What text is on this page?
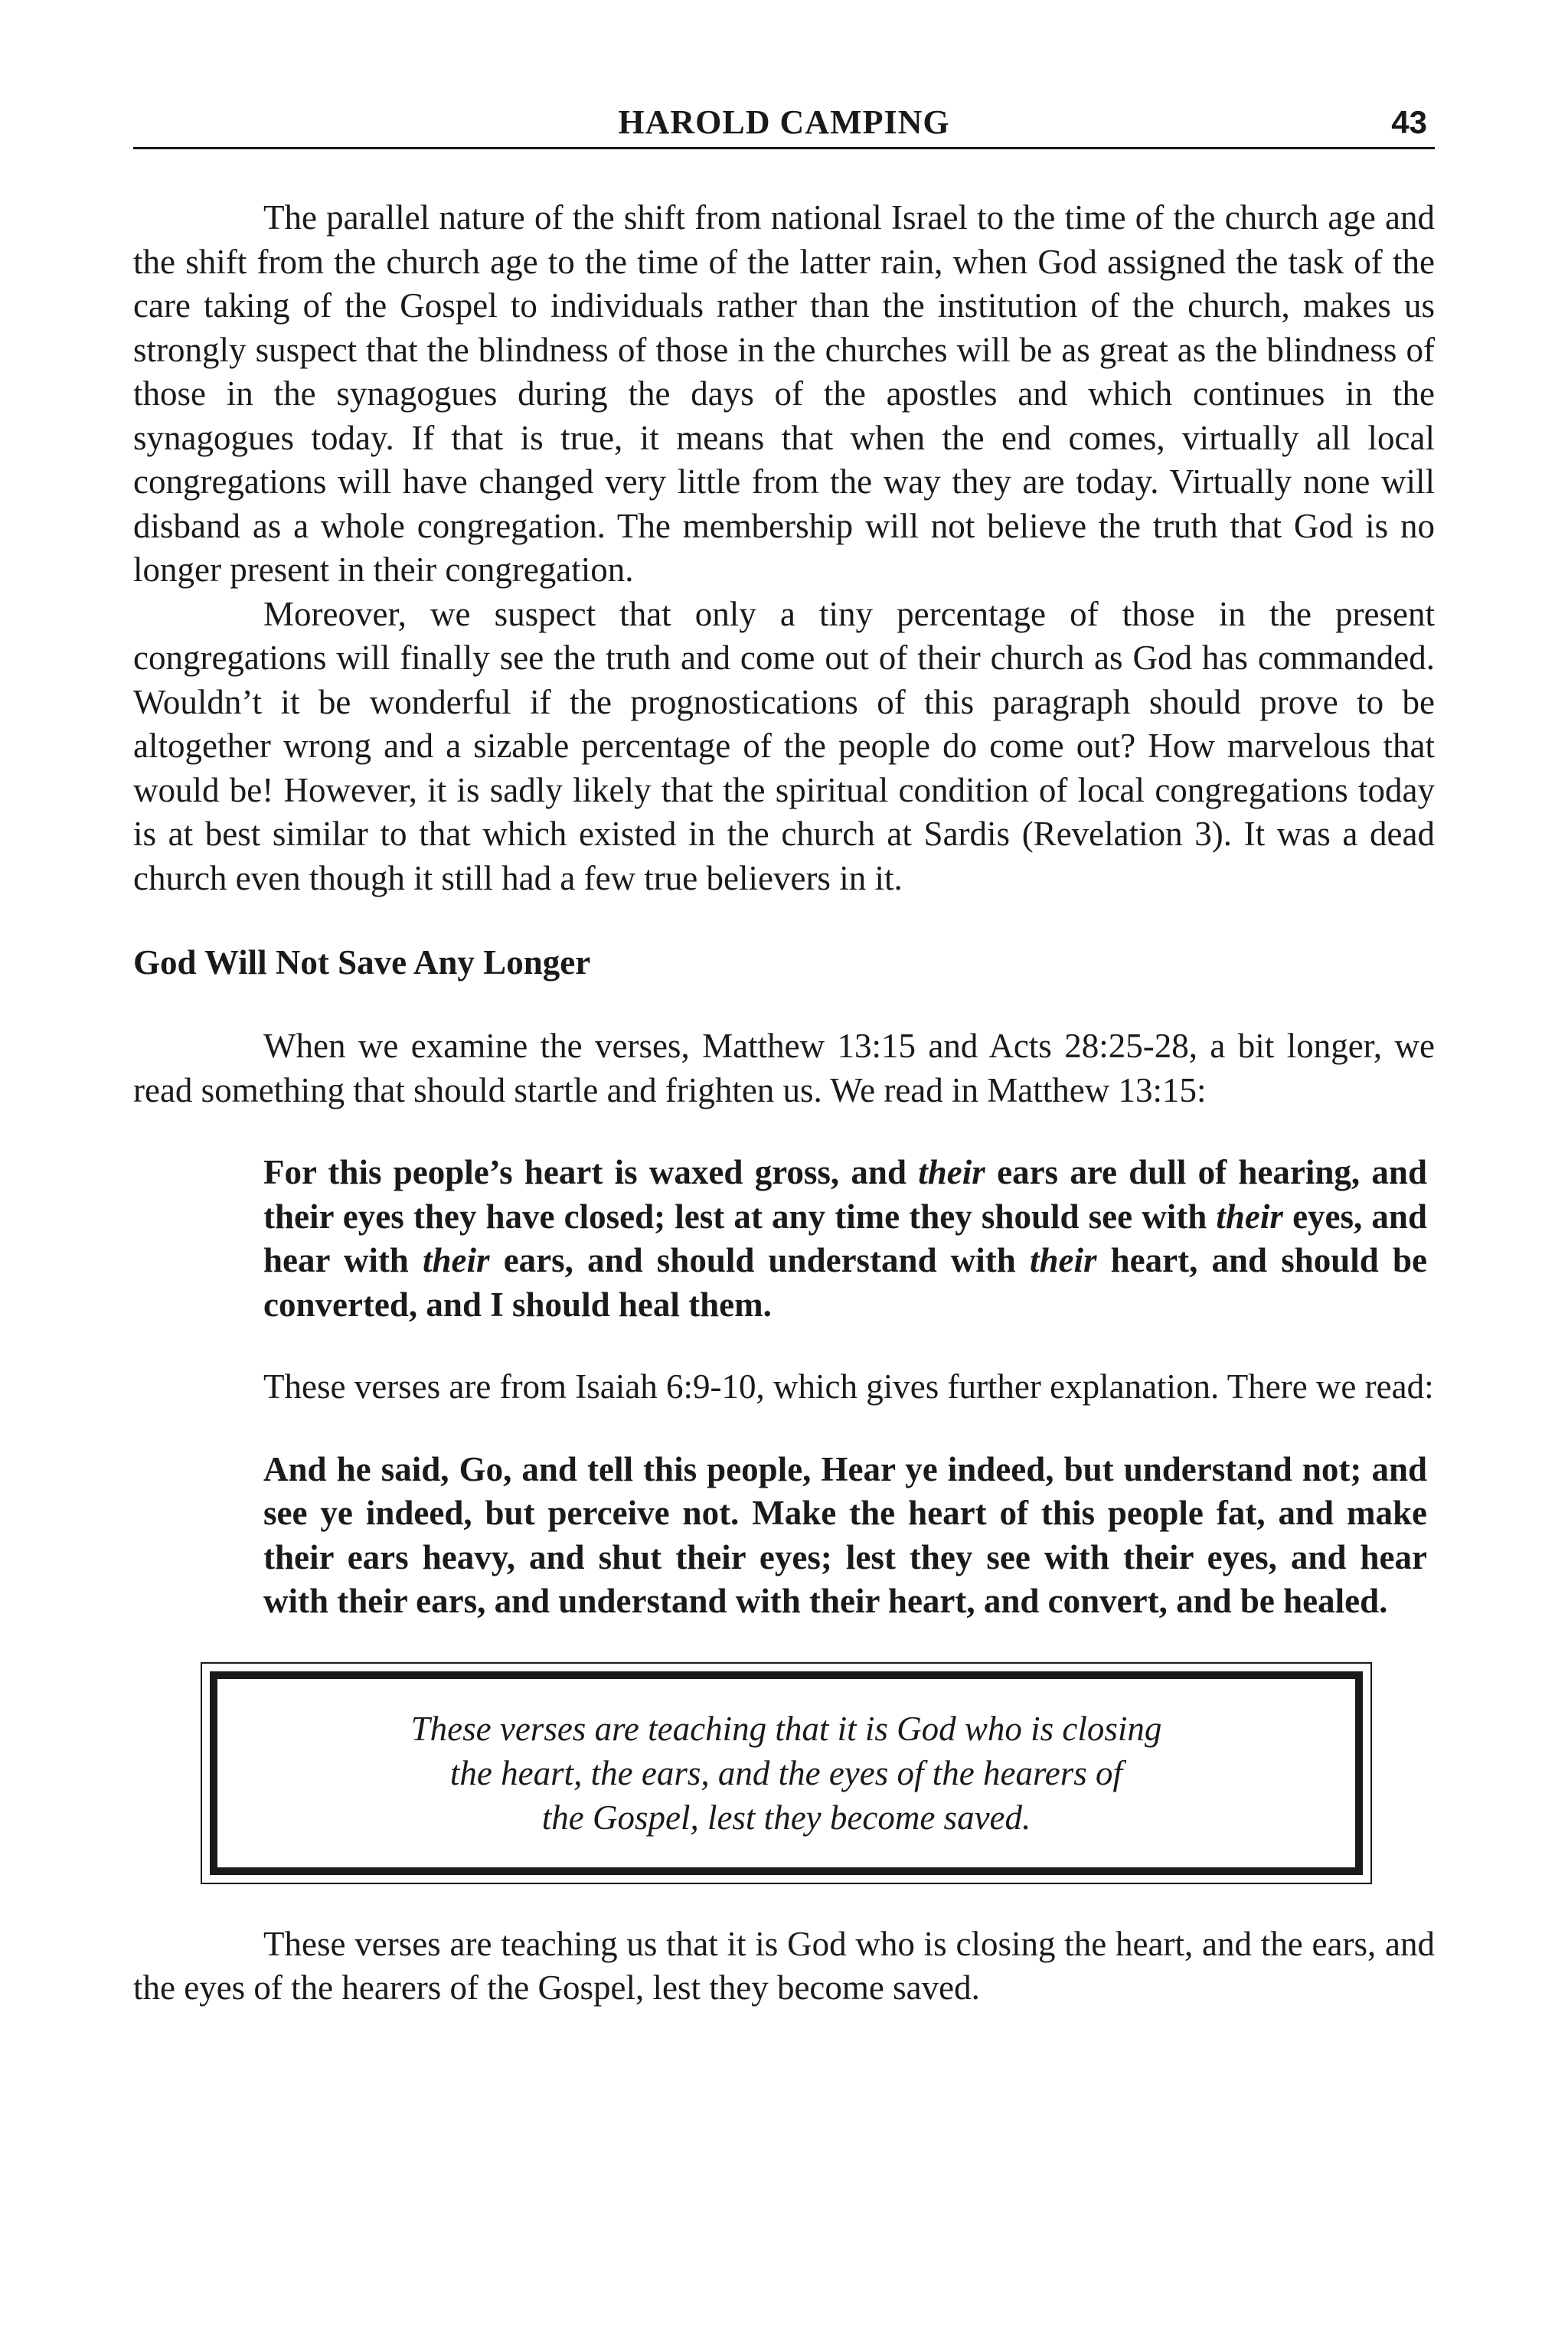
HAROLD CAMPING	43

The parallel nature of the shift from national Israel to the time of the church age and the shift from the church age to the time of the latter rain, when God assigned the task of the care taking of the Gospel to individuals rather than the institution of the church, makes us strongly suspect that the blindness of those in the churches will be as great as the blindness of those in the synagogues during the days of the apostles and which continues in the synagogues today. If that is true, it means that when the end comes, virtually all local congregations will have changed very little from the way they are today. Virtually none will disband as a whole congregation. The membership will not believe the truth that God is no longer present in their congregation.

Moreover, we suspect that only a tiny percentage of those in the present congregations will finally see the truth and come out of their church as God has commanded. Wouldn’t it be wonderful if the prognostications of this paragraph should prove to be altogether wrong and a sizable percentage of the people do come out? How marvelous that would be! However, it is sadly likely that the spiritual condition of local congregations today is at best similar to that which existed in the church at Sardis (Revelation 3). It was a dead church even though it still had a few true believers in it.

God Will Not Save Any Longer

When we examine the verses, Matthew 13:15 and Acts 28:25-28, a bit longer, we read something that should startle and frighten us. We read in Matthew 13:15:

For this people’s heart is waxed gross, and their ears are dull of hearing, and their eyes they have closed; lest at any time they should see with their eyes, and hear with their ears, and should understand with their heart, and should be converted, and I should heal them.

These verses are from Isaiah 6:9-10, which gives further explanation. There we read:

And he said, Go, and tell this people, Hear ye indeed, but understand not; and see ye indeed, but perceive not. Make the heart of this people fat, and make their ears heavy, and shut their eyes; lest they see with their eyes, and hear with their ears, and understand with their heart, and convert, and be healed.
These verses are teaching that it is God who is closing
the heart, the ears, and the eyes of the hearers of
the Gospel, lest they become saved.

These verses are teaching us that it is God who is closing the heart, and the ears, and the eyes of the hearers of the Gospel, lest they become saved.
